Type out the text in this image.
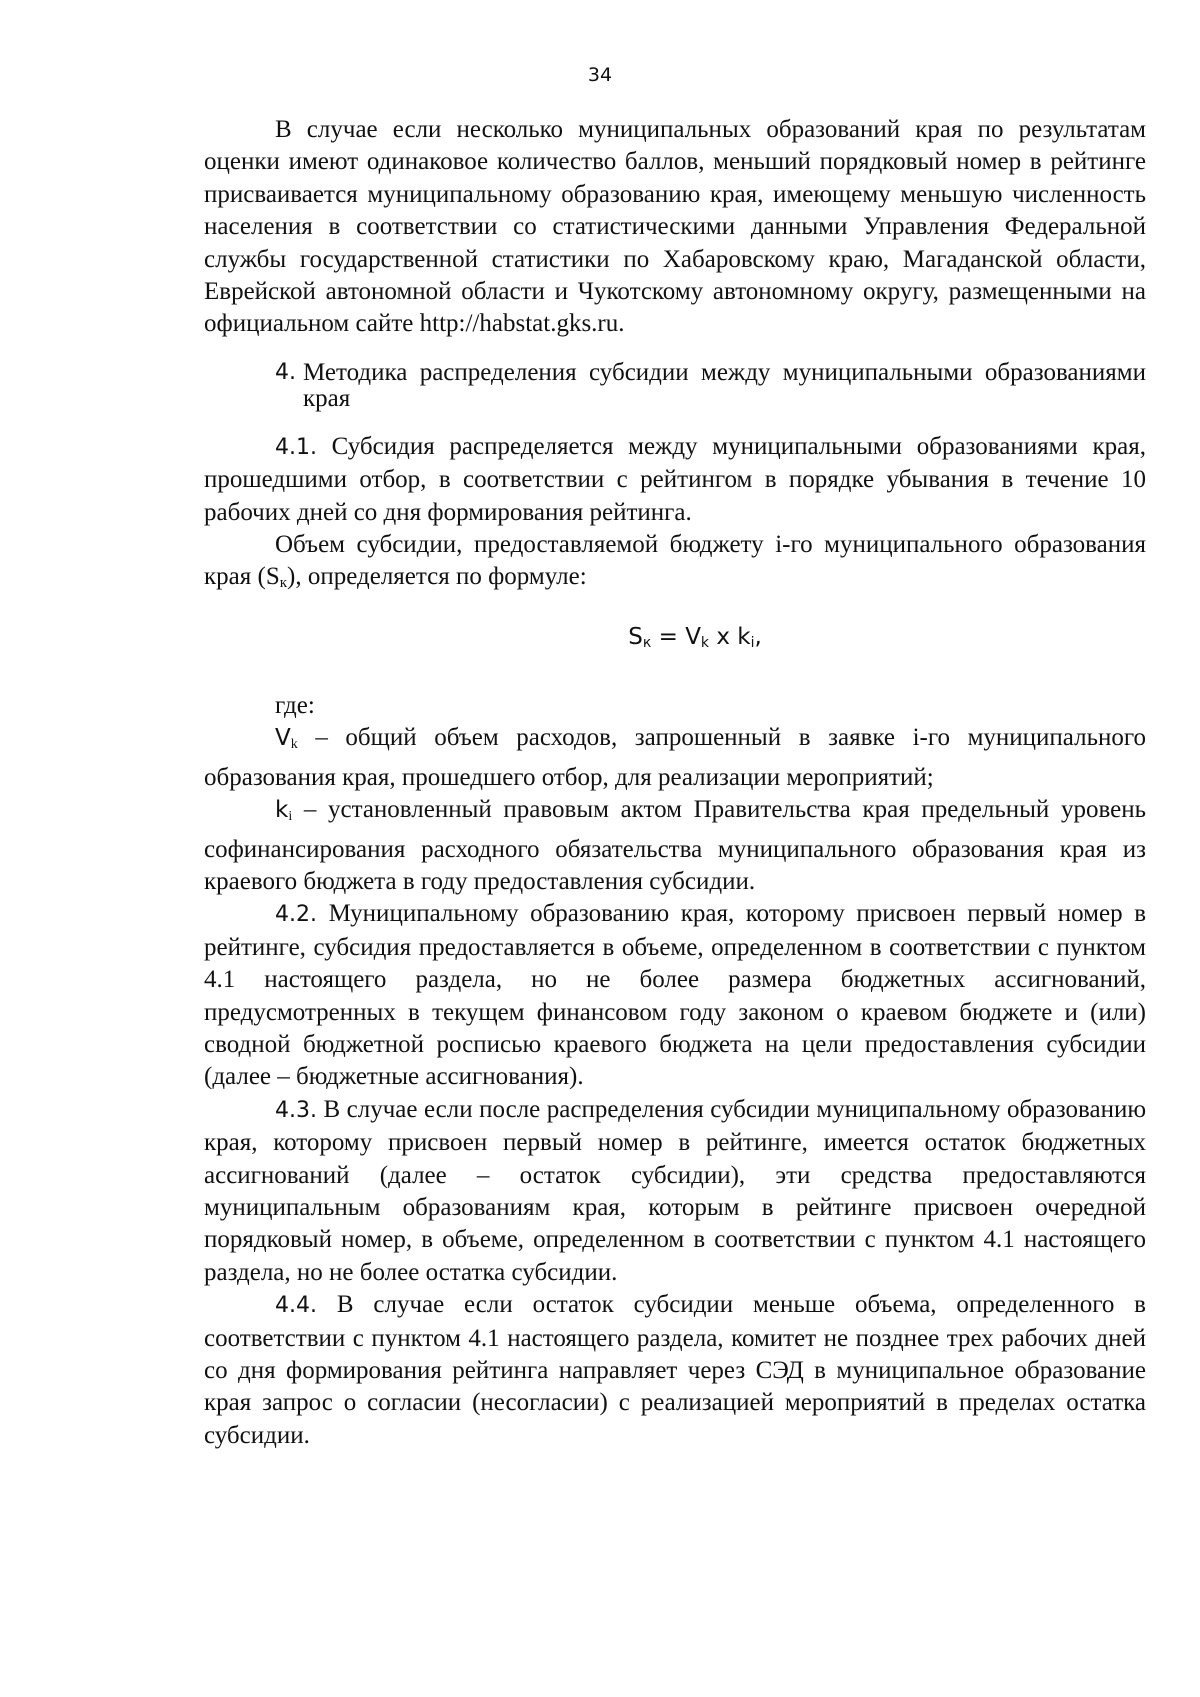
34

В случае если несколько муниципальных образований края по результатам оценки имеют одинаковое количество баллов, меньший порядковый номер в рейтинге присваивается муниципальному образованию края, имеющему меньшую численность населения в соответствии со статистическими данными Управления Федеральной службы государственной статистики по Хабаровскому краю, Магаданской области, Еврейской автономной области и Чукотскому автономному округу, размещенными на официальном сайте http://habstat.gks.ru.

4. Методика распределения субсидии между муниципальными образованиями края

4.1. Субсидия распределяется между муниципальными образованиями края, прошедшими отбор, в соответствии с рейтингом в порядке убывания в течение 10 рабочих дней со дня формирования рейтинга.

Объем субсидии, предоставляемой бюджету i-го муниципального образования края (Sк), определяется по формуле:

$S_к = V_k$ x $k_i$,

где:

$V_k$ – общий объем расходов, запрошенный в заявке i-го муниципального образования края, прошедшего отбор, для реализации мероприятий;

$k_i$ – установленный правовым актом Правительства края предельный уровень софинансирования расходного обязательства муниципального образования края из краевого бюджета в году предоставления субсидии.

4.2. Муниципальному образованию края, которому присвоен первый номер в рейтинге, субсидия предоставляется в объеме, определенном в соответствии с пунктом 4.1 настоящего раздела, но не более размера бюджетных ассигнований, предусмотренных в текущем финансовом году законом о краевом бюджете и (или) сводной бюджетной росписью краевого бюджета на цели предоставления субсидии (далее – бюджетные ассигнования).

4.3. В случае если после распределения субсидии муниципальному образованию края, которому присвоен первый номер в рейтинге, имеется остаток бюджетных ассигнований (далее – остаток субсидии), эти средства предоставляются муниципальным образованиям края, которым в рейтинге присвоен очередной порядковый номер, в объеме, определенном в соответствии с пунктом 4.1 настоящего раздела, но не более остатка субсидии.

4.4. В случае если остаток субсидии меньше объема, определенного в соответствии с пунктом 4.1 настоящего раздела, комитет не позднее трех рабочих дней со дня формирования рейтинга направляет через СЭД в муниципальное образование края запрос о согласии (несогласии) с реализацией мероприятий в пределах остатка субсидии.
